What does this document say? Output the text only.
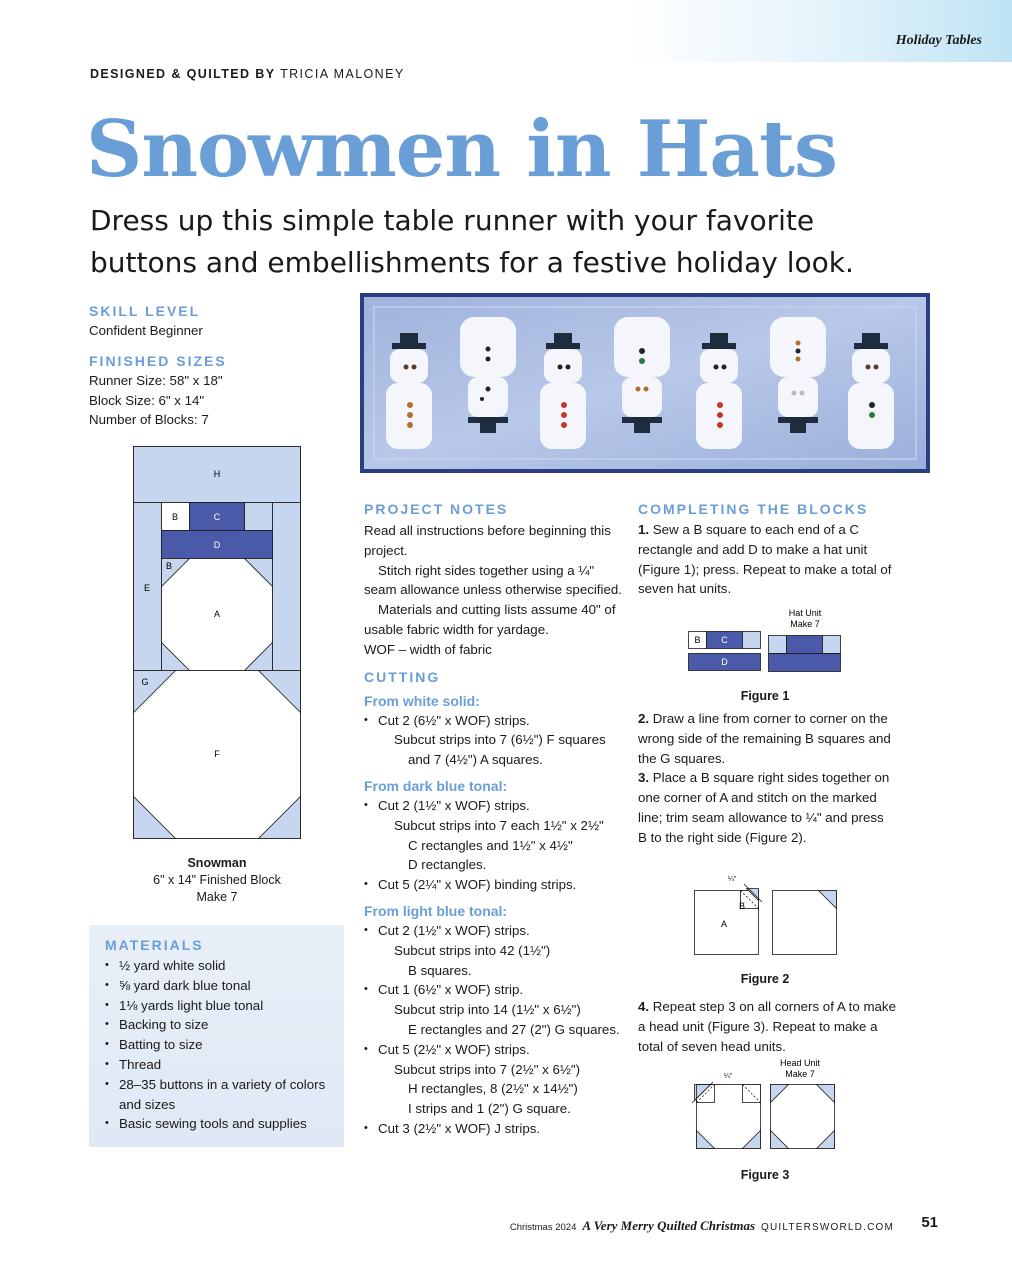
Holiday Tables
DESIGNED & QUILTED BY TRICIA MALONEY
Snowmen in Hats

Dress up this simple table runner with your favorite buttons and embellishments for a festive holiday look.

SKILL LEVEL
Confident Beginner
FINISHED SIZES
Runner Size: 58" x 18"
Block Size: 6" x 14"
Number of Blocks: 7
H
E
B	C
D
B
A
G
F
Snowman
6" x 14" Finished Block
Make 7
MATERIALS
• ½ yard white solid
• ⅝ yard dark blue tonal
• 1⅛ yards light blue tonal
• Backing to size
• Batting to size
• Thread
• 28–35 buttons in a variety of colors and sizes
• Basic sewing tools and supplies
PROJECT NOTES

Read all instructions before beginning this project.

Stitch right sides together using a ¼" seam allowance unless otherwise specified.

Materials and cutting lists assume 40" of usable fabric width for yardage.

WOF – width of fabric

CUTTING
From white solid:
• Cut 2 (6½" x WOF) strips.
Subcut strips into 7 (6½") F squares
and 7 (4½") A squares.
From dark blue tonal:
• Cut 2 (1½" x WOF) strips.
Subcut strips into 7 each 1½" x 2½"
C rectangles and 1½" x 4½"
D rectangles.
• Cut 5 (2¼" x WOF) binding strips.
From light blue tonal:
• Cut 2 (1½" x WOF) strips.
Subcut strips into 42 (1½")
B squares.
• Cut 1 (6½" x WOF) strip.
Subcut strip into 14 (1½" x 6½")
E rectangles and 27 (2") G squares.
• Cut 5 (2½" x WOF) strips.
Subcut strips into 7 (2½" x 6½")
H rectangles, 8 (2½" x 14½")
I strips and 1 (2") G square.
• Cut 3 (2½" x WOF) J strips.
COMPLETING THE BLOCKS

1. Sew a B square to each end of a C rectangle and add D to make a hat unit (Figure 1); press. Repeat to make a total of seven hat units.

Hat Unit
Make 7
B C
D
Figure 1

2. Draw a line from corner to corner on the wrong side of the remaining B squares and the G squares.

3. Place a B square right sides together on one corner of A and stitch on the marked line; trim seam allowance to ¼" and press B to the right side (Figure 2).

¼"
A
B
Figure 2

4. Repeat step 3 on all corners of A to make a head unit (Figure 3). Repeat to make a total of seven head units.

Head Unit
Make 7
¼"
Figure 3
Christmas 2024 A Very Merry Quilted Christmas QUILTERSWORLD.COM 51
